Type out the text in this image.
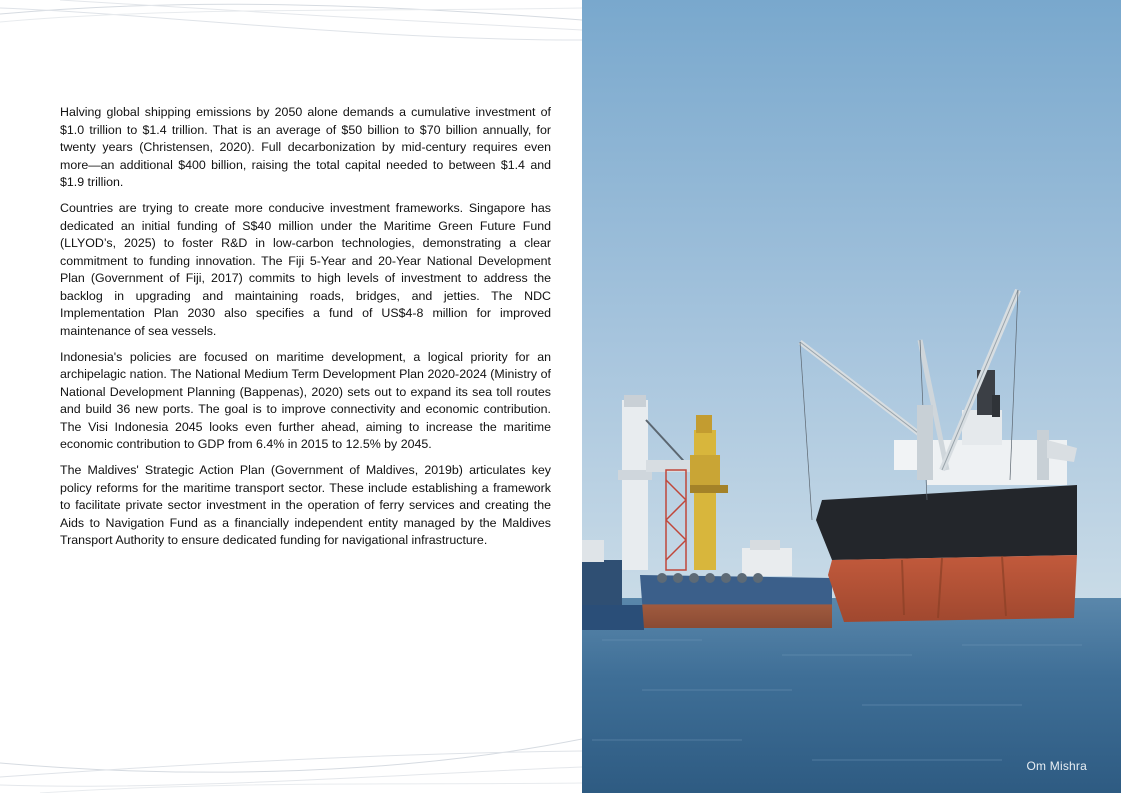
Halving global shipping emissions by 2050 alone demands a cumulative investment of $1.0 trillion to $1.4 trillion. That is an average of $50 billion to $70 billion annually, for twenty years (Christensen, 2020). Full decarbonization by mid-century requires even more—an additional $400 billion, raising the total capital needed to between $1.4 and $1.9 trillion.

Countries are trying to create more conducive investment frameworks. Singapore has dedicated an initial funding of S$40 million under the Maritime Green Future Fund (LLYOD’s, 2025) to foster R&D in low-carbon technologies, demonstrating a clear commitment to funding innovation. The Fiji 5-Year and 20-Year National Development Plan (Government of Fiji, 2017) commits to high levels of investment to address the backlog in upgrading and maintaining roads, bridges, and jetties. The NDC Implementation Plan 2030 also specifies a fund of US$4-8 million for improved maintenance of sea vessels.

Indonesia's policies are focused on maritime development, a logical priority for an archipelagic nation. The National Medium Term Development Plan 2020-2024 (Ministry of National Development Planning (Bappenas), 2020) sets out to expand its sea toll routes and build 36 new ports. The goal is to improve connectivity and economic contribution. The Visi Indonesia 2045 looks even further ahead, aiming to increase the maritime economic contribution to GDP from 6.4% in 2015 to 12.5% by 2045.

The Maldives' Strategic Action Plan (Government of Maldives, 2019b) articulates key policy reforms for the maritime transport sector. These include establishing a framework to facilitate private sector investment in the operation of ferry services and creating the Aids to Navigation Fund as a financially independent entity managed by the Maldives Transport Authority to ensure dedicated funding for navigational infrastructure.

Om Mishra
